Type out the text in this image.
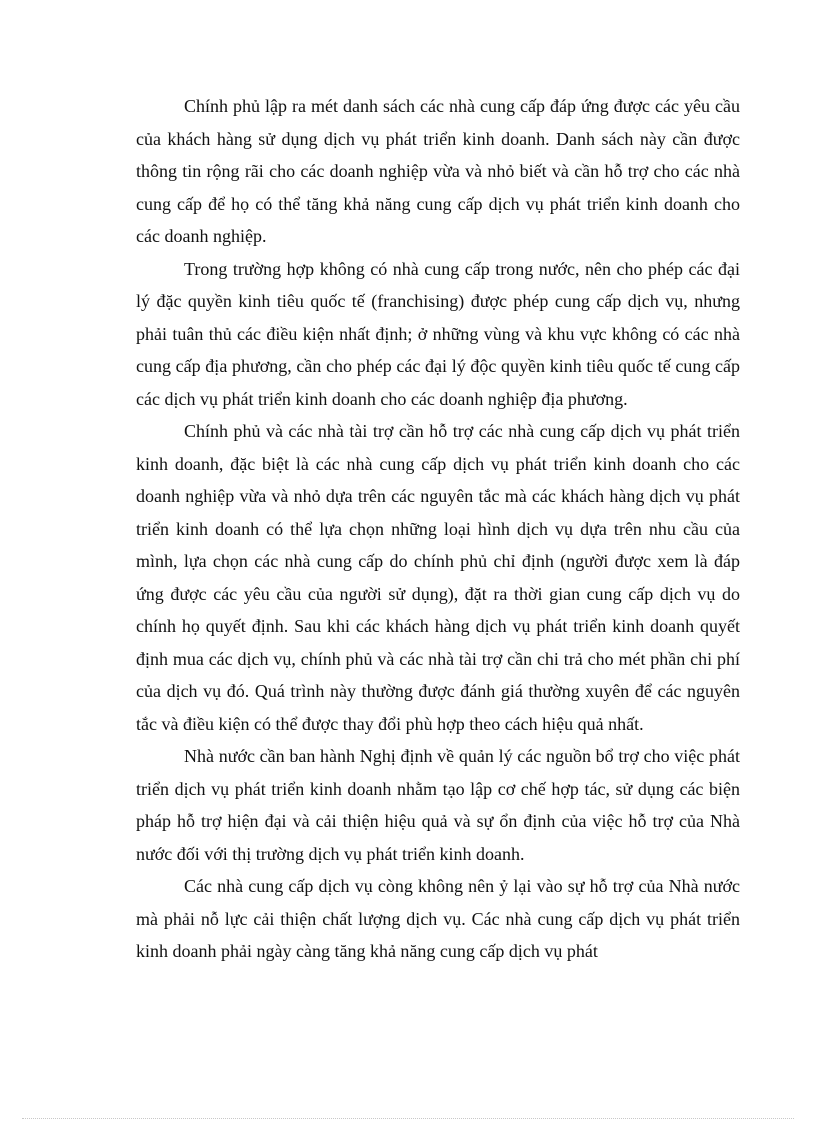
Chính phủ lập ra mét danh sách các nhà cung cấp đáp ứng được các yêu cầu của khách hàng sử dụng dịch vụ phát triển kinh doanh. Danh sách này cần được thông tin rộng rãi cho các doanh nghiệp vừa và nhỏ biết và cần hỗ trợ cho các nhà cung cấp để họ có thể tăng khả năng cung cấp dịch vụ phát triển kinh doanh cho các doanh nghiệp.

Trong trường hợp không có nhà cung cấp trong nước, nên cho phép các đại lý đặc quyền kinh tiêu quốc tế (franchising) được phép cung cấp dịch vụ, nhưng phải tuân thủ các điều kiện nhất định; ở những vùng và khu vực không có các nhà cung cấp địa phương, cần cho phép các đại lý độc quyền kinh tiêu quốc tế cung cấp các dịch vụ phát triển kinh doanh cho các doanh nghiệp địa phương.

Chính phủ và các nhà tài trợ cần hỗ trợ các nhà cung cấp dịch vụ phát triển kinh doanh, đặc biệt là các nhà cung cấp dịch vụ phát triển kinh doanh cho các doanh nghiệp vừa và nhỏ dựa trên các nguyên tắc mà các khách hàng dịch vụ phát triển kinh doanh có thể lựa chọn những loại hình dịch vụ dựa trên nhu cầu của mình, lựa chọn các nhà cung cấp do chính phủ chỉ định (người được xem là đáp ứng được các yêu cầu của người sử dụng), đặt ra thời gian cung cấp dịch vụ do chính họ quyết định. Sau khi các khách hàng dịch vụ phát triển kinh doanh quyết định mua các dịch vụ, chính phủ và các nhà tài trợ cần chi trả cho mét phần chi phí của dịch vụ đó. Quá trình này thường được đánh giá thường xuyên để các nguyên tắc và điều kiện có thể được thay đổi phù hợp theo cách hiệu quả nhất.

Nhà nước cần ban hành Nghị định về quản lý các nguồn bổ trợ cho việc phát triển dịch vụ phát triển kinh doanh nhằm tạo lập cơ chế hợp tác, sử dụng các biện pháp hỗ trợ hiện đại và cải thiện hiệu quả và sự ổn định của việc hỗ trợ của Nhà nước đối với thị trường dịch vụ phát triển kinh doanh.

Các nhà cung cấp dịch vụ còng không nên ỷ lại vào sự hỗ trợ của Nhà nước mà phải nỗ lực cải thiện chất lượng dịch vụ. Các nhà cung cấp dịch vụ phát triển kinh doanh phải ngày càng tăng khả năng cung cấp dịch vụ phát
